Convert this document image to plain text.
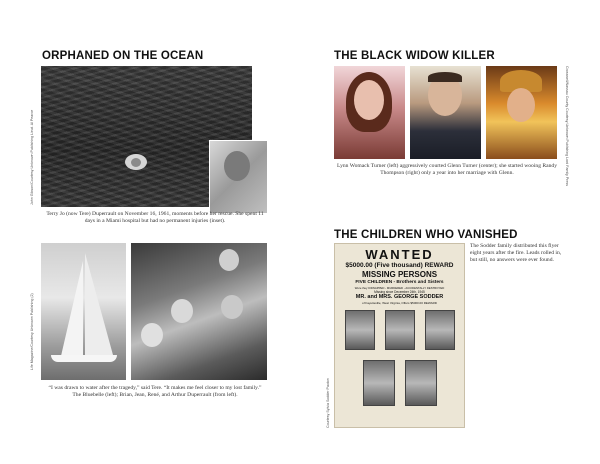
ORPHANED ON THE OCEAN
John Gibson/Courtesy Unknown Publishing Lieut. Al Pearce
Terry Jo (now Tere) Duperrault on November 16, 1961, moments before her rescue. She spent 11 days in a Miami hospital but had no permanent injuries (inset).
Life Magazine/Courtesy Unknown Publishing (2)
“I was drawn to water after the tragedy,” said Tere. “It makes me feel closer to my lost family.” The Bluebelle (left); Brian, Jean, René, and Arthur Duperrault (from left).
THE BLACK WIDOW KILLER
Crosswell/Nassau County Courtesy Unknown Publishing Lord Family Press
Lynn Womack Turner (left) aggressively courted Glenn Turner (center); she started wooing Randy Thompson (right) only a year into her marriage with Glenn.
THE CHILDREN WHO VANISHED
Courtesy Sylvia Sodder Paxton
WANTED
$5000.00 (Five thousand) REWARD
MISSING PERSONS
FIVE CHILDREN - Brothers and Sisters
Were they KIDNAPPED - MURDERED - ACCIDENTALLY DESTROYED
Missing since December 24th, 1945
MR. and MRS. GEORGE SODDER
of Fayetteville, West Virginia, Offers $5000.00 REWARD
The Sodder family distributed this flyer eight years after the fire. Leads rolled in, but still, no answers were ever found.
